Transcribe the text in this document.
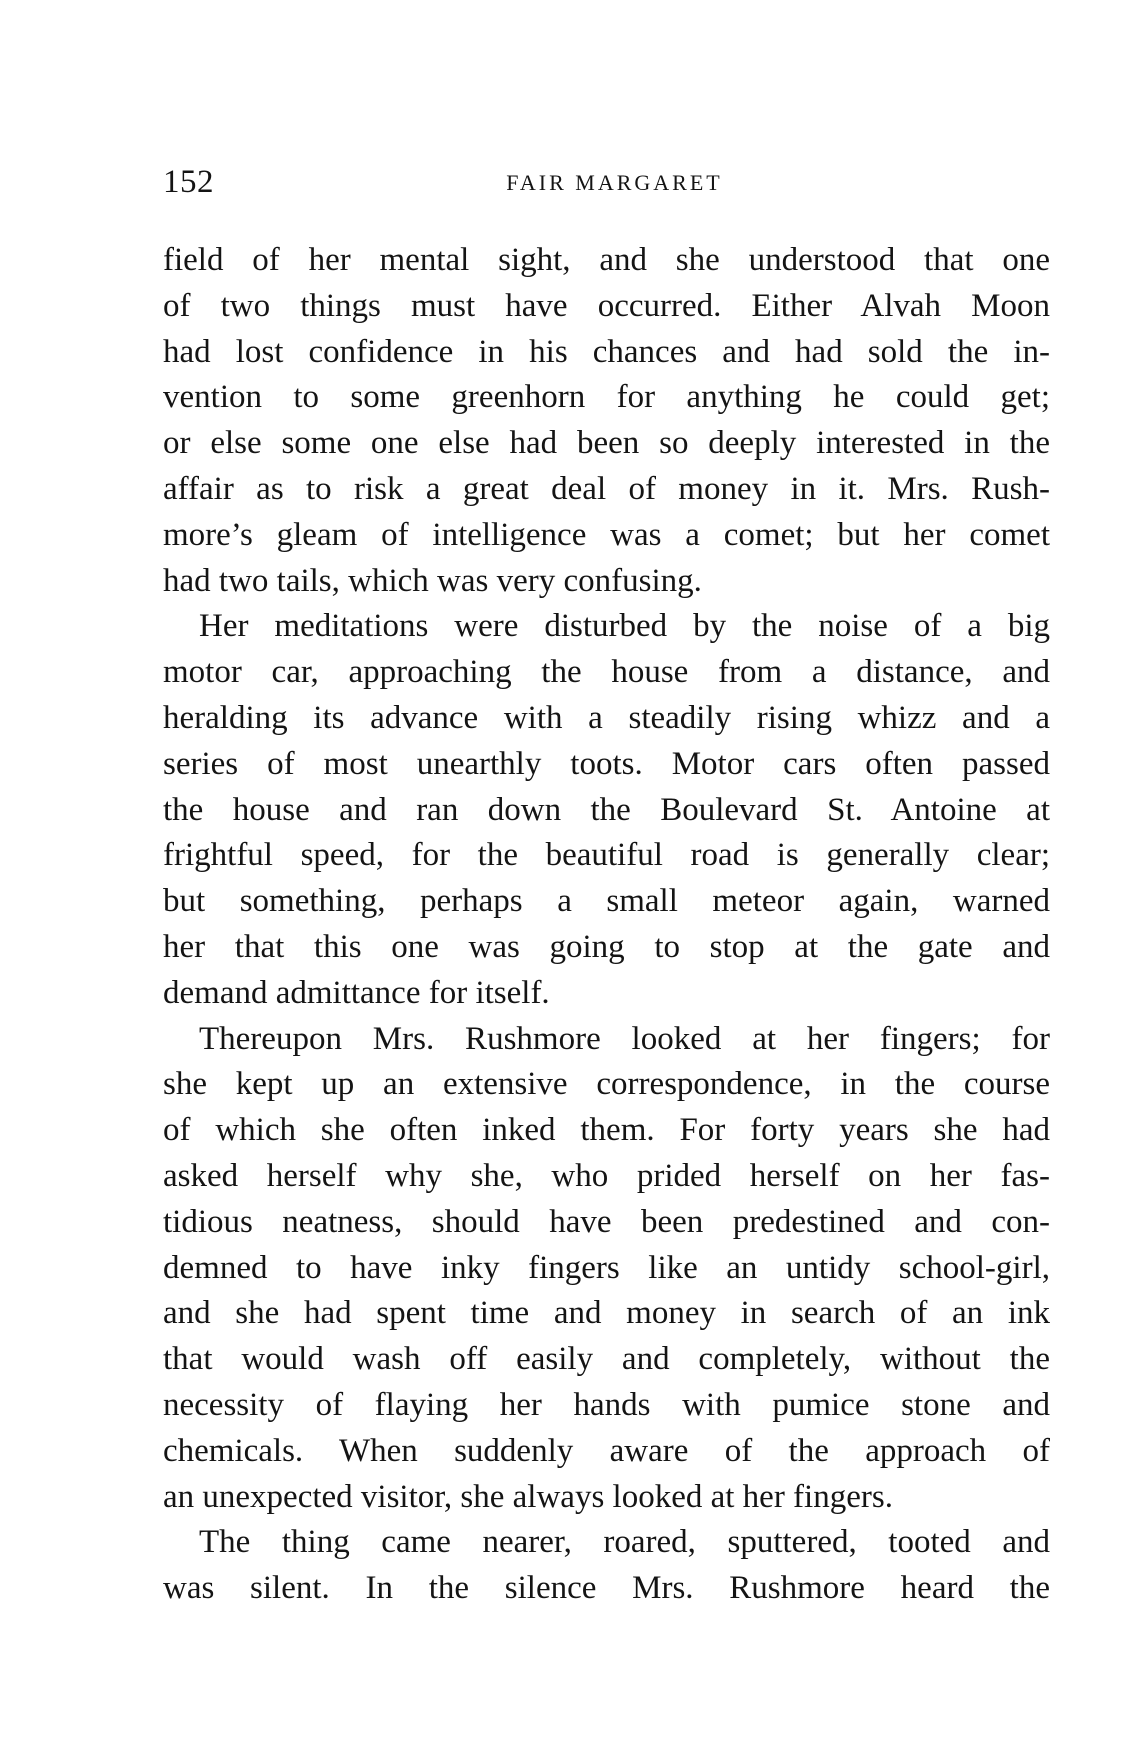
152	FAIR MARGARET

field of her mental sight, and she understood that one
of two things must have occurred. Either Alvah Moon
had lost confidence in his chances and had sold the in-
vention to some greenhorn for anything he could get;
or else some one else had been so deeply interested in the
affair as to risk a great deal of money in it. Mrs. Rush-
more’s gleam of intelligence was a comet; but her comet
had two tails, which was very confusing.

Her meditations were disturbed by the noise of a big
motor car, approaching the house from a distance, and
heralding its advance with a steadily rising whizz and a
series of most unearthly toots. Motor cars often passed
the house and ran down the Boulevard St. Antoine at
frightful speed, for the beautiful road is generally clear;
but something, perhaps a small meteor again, warned
her that this one was going to stop at the gate and
demand admittance for itself.

Thereupon Mrs. Rushmore looked at her fingers; for
she kept up an extensive correspondence, in the course
of which she often inked them. For forty years she had
asked herself why she, who prided herself on her fas-
tidious neatness, should have been predestined and con-
demned to have inky fingers like an untidy school-girl,
and she had spent time and money in search of an ink
that would wash off easily and completely, without the
necessity of flaying her hands with pumice stone and
chemicals. When suddenly aware of the approach of
an unexpected visitor, she always looked at her fingers.

The thing came nearer, roared, sputtered, tooted and
was silent. In the silence Mrs. Rushmore heard the
